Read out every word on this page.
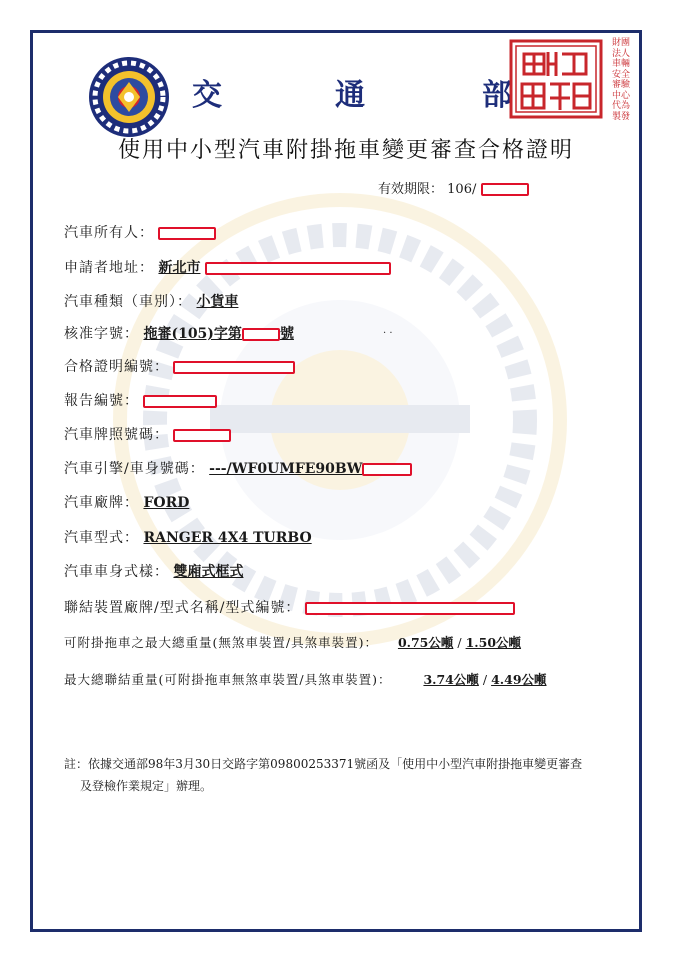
交	通	部
財團法人車輛安全審驗中心代為製發
使用中小型汽車附掛拖車變更審查合格證明
有效期限： 106/
汽車所有人：
申請者地址： 新北市
汽車種類（車別）： 小貨車
核准字號： 拖審(105)字第	號	· ·
合格證明編號：
報告編號：
汽車牌照號碼：
汽車引擎/車身號碼： ---/WF0UMFE90BW
汽車廠牌： FORD
汽車型式： RANGER 4X4 TURBO
汽車車身式樣： 雙廂式框式
聯結裝置廠牌/型式名稱/型式編號：
可附掛拖車之最大總重量(無煞車裝置/具煞車裝置)： 0.75公噸 / 1.50公噸
最大總聯結重量(可附掛拖車無煞車裝置/具煞車裝置)：	3.74公噸 / 4.49公噸
註：依據交通部98年3月30日交路字第09800253371號函及「使用中小型汽車附掛拖車變更審查
及登檢作業規定」辦理。
